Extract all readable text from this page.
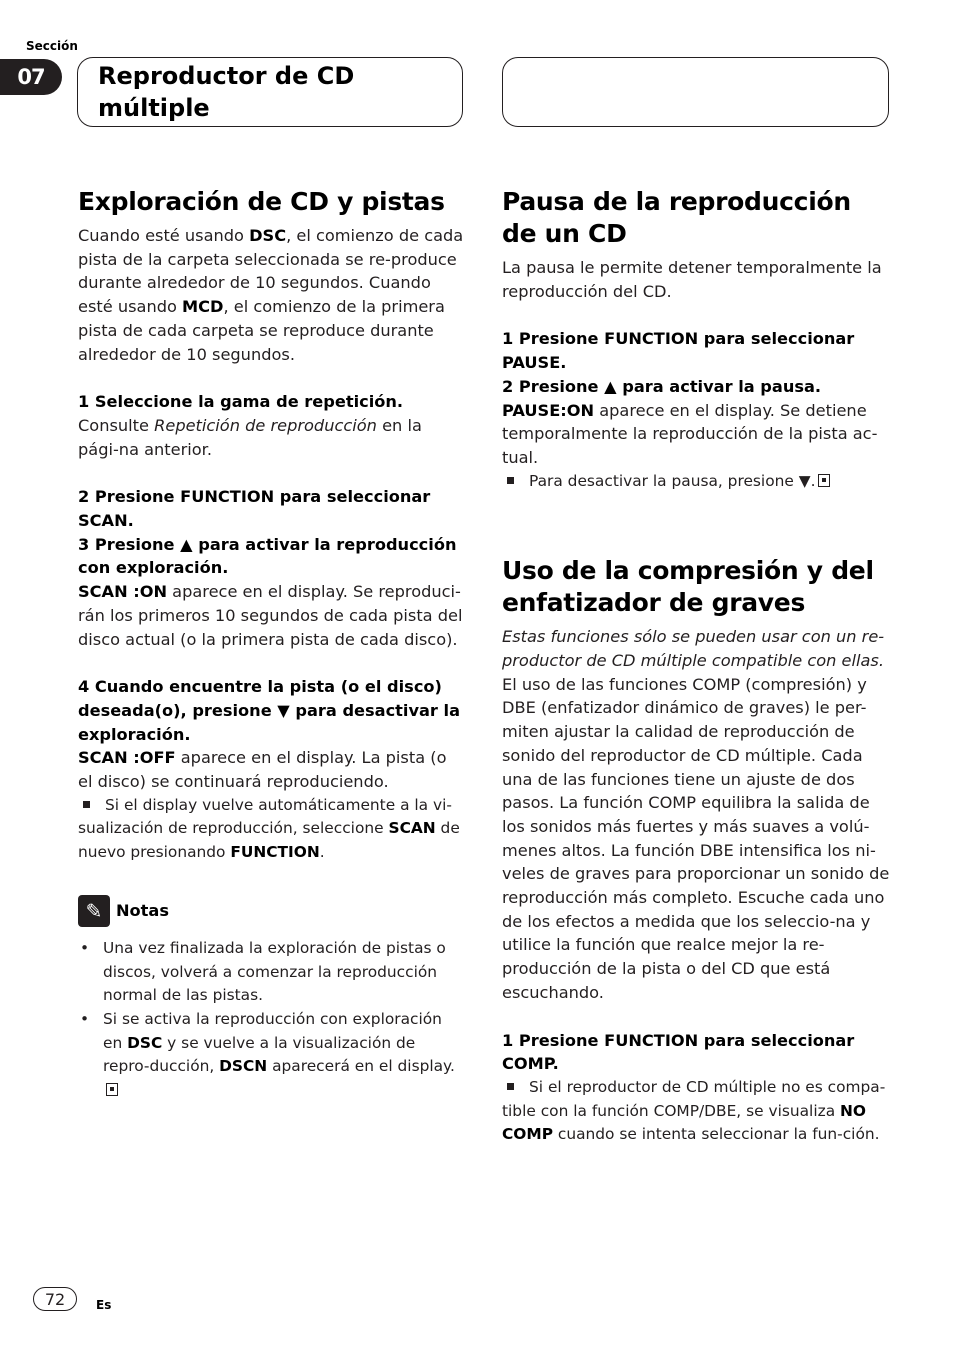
Sección
07	Reproductor de CD múltiple
Exploración de CD y pistas

Cuando esté usando DSC, el comienzo de cada pista de la carpeta seleccionada se re-produce durante alrededor de 10 segundos. Cuando esté usando MCD, el comienzo de la primera pista de cada carpeta se reproduce durante alrededor de 10 segundos.

1 Seleccione la gama de repetición.

Consulte Repetición de reproducción en la pági-na anterior.

2 Presione FUNCTION para seleccionar SCAN.

3 Presione ▲ para activar la reproducción con exploración.

SCAN :ON aparece en el display. Se reproduci-rán los primeros 10 segundos de cada pista del disco actual (o la primera pista de cada disco).

4 Cuando encuentre la pista (o el disco) deseada(o), presione ▼ para desactivar la exploración.

SCAN :OFF aparece en el display. La pista (o el disco) se continuará reproduciendo.

Si el display vuelve automáticamente a la vi-sualización de reproducción, seleccione SCAN de nuevo presionando FUNCTION.

✎ Notas
• Una vez finalizada la exploración de pistas o discos, volverá a comenzar la reproducción normal de las pistas.
• Si se activa la reproducción con exploración en DSC y se vuelve a la visualización de repro-ducción, DSCN aparecerá en el display.
Pausa de la reproducción de un CD

La pausa le permite detener temporalmente la reproducción del CD.

1 Presione FUNCTION para seleccionar PAUSE.

2 Presione ▲ para activar la pausa.

PAUSE:ON aparece en el display. Se detiene temporalmente la reproducción de la pista ac-tual.

Para desactivar la pausa, presione ▼.

Uso de la compresión y del enfatizador de graves

Estas funciones sólo se pueden usar con un re-productor de CD múltiple compatible con ellas.

El uso de las funciones COMP (compresión) y DBE (enfatizador dinámico de graves) le per-miten ajustar la calidad de reproducción de sonido del reproductor de CD múltiple. Cada una de las funciones tiene un ajuste de dos pasos. La función COMP equilibra la salida de los sonidos más fuertes y más suaves a volú-menes altos. La función DBE intensifica los ni-veles de graves para proporcionar un sonido de reproducción más completo. Escuche cada uno de los efectos a medida que los seleccio-na y utilice la función que realce mejor la re-producción de la pista o del CD que está escuchando.

1 Presione FUNCTION para seleccionar COMP.

Si el reproductor de CD múltiple no es compa-tible con la función COMP/DBE, se visualiza NO COMP cuando se intenta seleccionar la fun-ción.

72	Es
